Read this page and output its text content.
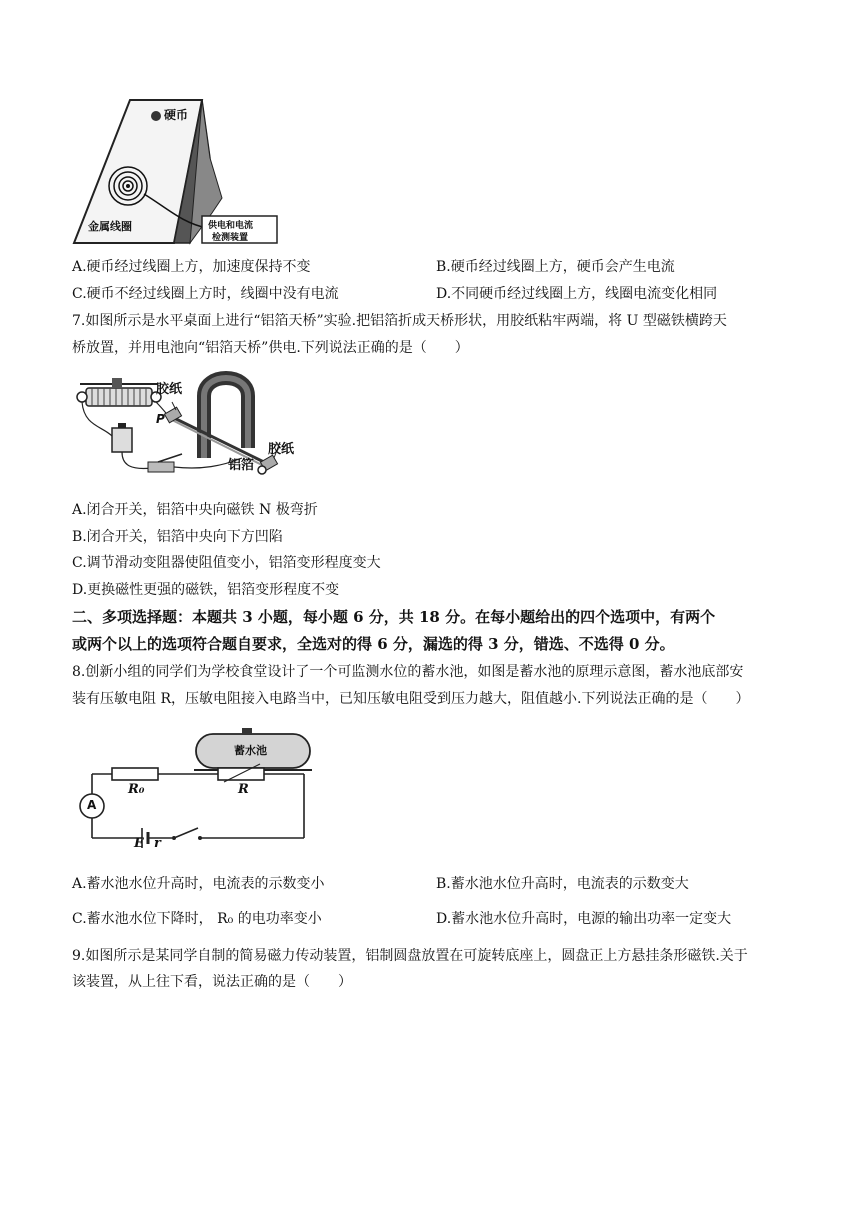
硬币
金属线圈	供电和电流
检测装置
A.硬币经过线圈上方，加速度保持不变	B.硬币经过线圈上方，硬币会产生电流
C.硬币不经过线圈上方时，线圈中没有电流	D.不同硬币经过线圈上方，线圈电流变化相同
7.如图所示是水平桌面上进行“铝箔天桥”实验.把铝箔折成天桥形状，用胶纸粘牢两端，将 U 型磁铁横跨天
桥放置，并用电池向“铝箔天桥”供电.下列说法正确的是（　　）
胶纸
P
胶纸
铝箔
A.闭合开关，铝箔中央向磁铁 N 极弯折
B.闭合开关，铝箔中央向下方凹陷
C.调节滑动变阻器使阻值变小，铝箔变形程度变大
D.更换磁性更强的磁铁，铝箔变形程度不变
二、多项选择题：本题共 3 小题，每小题 6 分，共 18 分。在每小题给出的四个选项中，有两个
或两个以上的选项符合题自要求，全选对的得 6 分，漏选的得 3 分，错选、不选得 0 分。
8.创新小组的同学们为学校食堂设计了一个可监测水位的蓄水池，如图是蓄水池的原理示意图，蓄水池底部安
装有压敏电阻 R，压敏电阻接入电路当中，已知压敏电阻受到压力越大，阻值越小.下列说法正确的是（　　）
蓄水池
R₀	R
A
E r
A.蓄水池水位升高时，电流表的示数变小	B.蓄水池水位升高时，电流表的示数变大
C.蓄水池水位下降时， R₀ 的电功率变小	D.蓄水池水位升高时，电源的输出功率一定变大
9.如图所示是某同学自制的简易磁力传动装置，铝制圆盘放置在可旋转底座上，圆盘正上方悬挂条形磁铁.关于
该装置，从上往下看，说法正确的是（　　）
